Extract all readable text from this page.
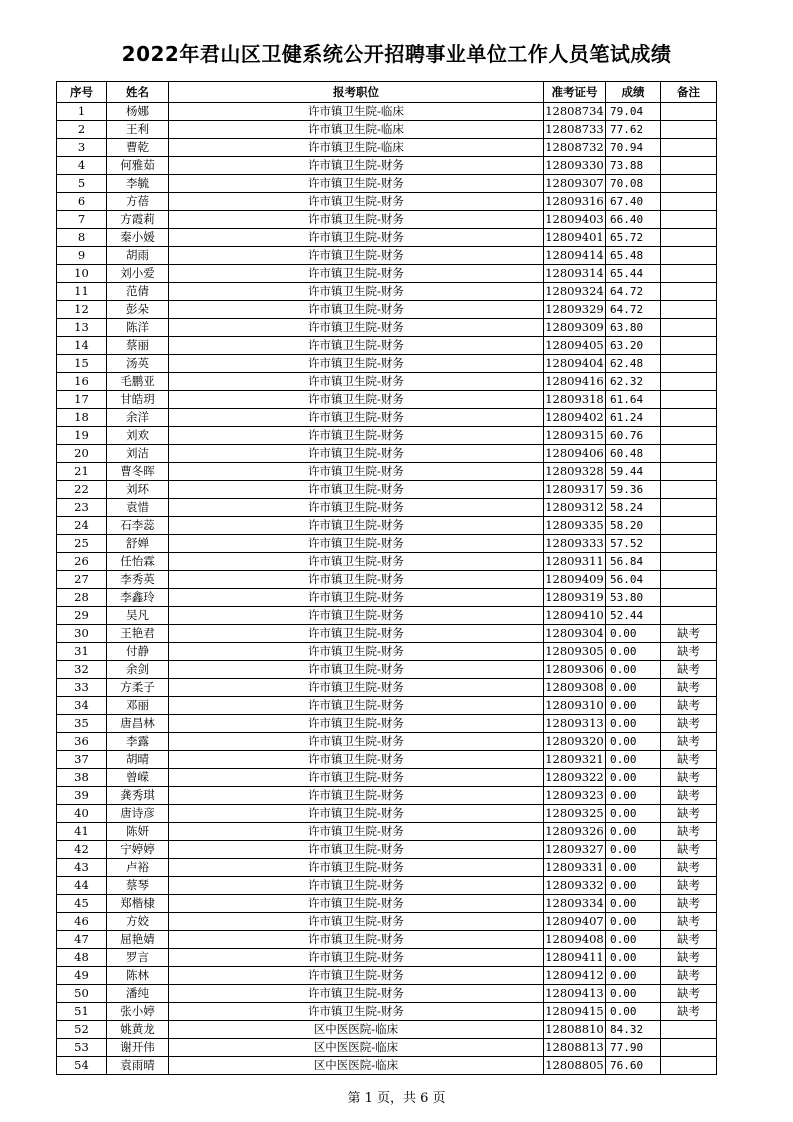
2022年君山区卫健系统公开招聘事业单位工作人员笔试成绩
序号	姓名	报考职位	准考证号	成绩	备注
1	杨娜	许市镇卫生院-临床	12808734	79.04	
2	王利	许市镇卫生院-临床	12808733	77.62	
3	曹乾	许市镇卫生院-临床	12808732	70.94	
4	何雅茹	许市镇卫生院-财务	12809330	73.88	
5	李毓	许市镇卫生院-财务	12809307	70.08	
6	方蓓	许市镇卫生院-财务	12809316	67.40	
7	方霞莉	许市镇卫生院-财务	12809403	66.40	
8	秦小媛	许市镇卫生院-财务	12809401	65.72	
9	胡雨	许市镇卫生院-财务	12809414	65.48	
10	刘小爱	许市镇卫生院-财务	12809314	65.44	
11	范倩	许市镇卫生院-财务	12809324	64.72	
12	彭朵	许市镇卫生院-财务	12809329	64.72	
13	陈洋	许市镇卫生院-财务	12809309	63.80	
14	蔡丽	许市镇卫生院-财务	12809405	63.20	
15	汤英	许市镇卫生院-财务	12809404	62.48	
16	毛鹏亚	许市镇卫生院-财务	12809416	62.32	
17	甘皓玥	许市镇卫生院-财务	12809318	61.64	
18	余洋	许市镇卫生院-财务	12809402	61.24	
19	刘欢	许市镇卫生院-财务	12809315	60.76	
20	刘洁	许市镇卫生院-财务	12809406	60.48	
21	曹冬晖	许市镇卫生院-财务	12809328	59.44	
22	刘环	许市镇卫生院-财务	12809317	59.36	
23	袁惜	许市镇卫生院-财务	12809312	58.24	
24	石李蕊	许市镇卫生院-财务	12809335	58.20	
25	舒婵	许市镇卫生院-财务	12809333	57.52	
26	任怡霖	许市镇卫生院-财务	12809311	56.84	
27	李秀英	许市镇卫生院-财务	12809409	56.04	
28	李鑫玲	许市镇卫生院-财务	12809319	53.80	
29	吴凡	许市镇卫生院-财务	12809410	52.44	
30	王艳君	许市镇卫生院-财务	12809304	0.00	缺考
31	付静	许市镇卫生院-财务	12809305	0.00	缺考
32	余剑	许市镇卫生院-财务	12809306	0.00	缺考
33	方柔子	许市镇卫生院-财务	12809308	0.00	缺考
34	邓丽	许市镇卫生院-财务	12809310	0.00	缺考
35	唐昌林	许市镇卫生院-财务	12809313	0.00	缺考
36	李露	许市镇卫生院-财务	12809320	0.00	缺考
37	胡晴	许市镇卫生院-财务	12809321	0.00	缺考
38	曾嵘	许市镇卫生院-财务	12809322	0.00	缺考
39	龚秀琪	许市镇卫生院-财务	12809323	0.00	缺考
40	唐诗彦	许市镇卫生院-财务	12809325	0.00	缺考
41	陈妍	许市镇卫生院-财务	12809326	0.00	缺考
42	宁婷婷	许市镇卫生院-财务	12809327	0.00	缺考
43	卢裕	许市镇卫生院-财务	12809331	0.00	缺考
44	蔡琴	许市镇卫生院-财务	12809332	0.00	缺考
45	郑楷棣	许市镇卫生院-财务	12809334	0.00	缺考
46	方姣	许市镇卫生院-财务	12809407	0.00	缺考
47	屈艳婧	许市镇卫生院-财务	12809408	0.00	缺考
48	罗言	许市镇卫生院-财务	12809411	0.00	缺考
49	陈林	许市镇卫生院-财务	12809412	0.00	缺考
50	潘纯	许市镇卫生院-财务	12809413	0.00	缺考
51	张小婷	许市镇卫生院-财务	12809415	0.00	缺考
52	姚黄龙	区中医医院-临床	12808810	84.32	
53	谢开伟	区中医医院-临床	12808813	77.90	
54	袁雨晴	区中医医院-临床	12808805	76.60	
第 1 页，共 6 页
